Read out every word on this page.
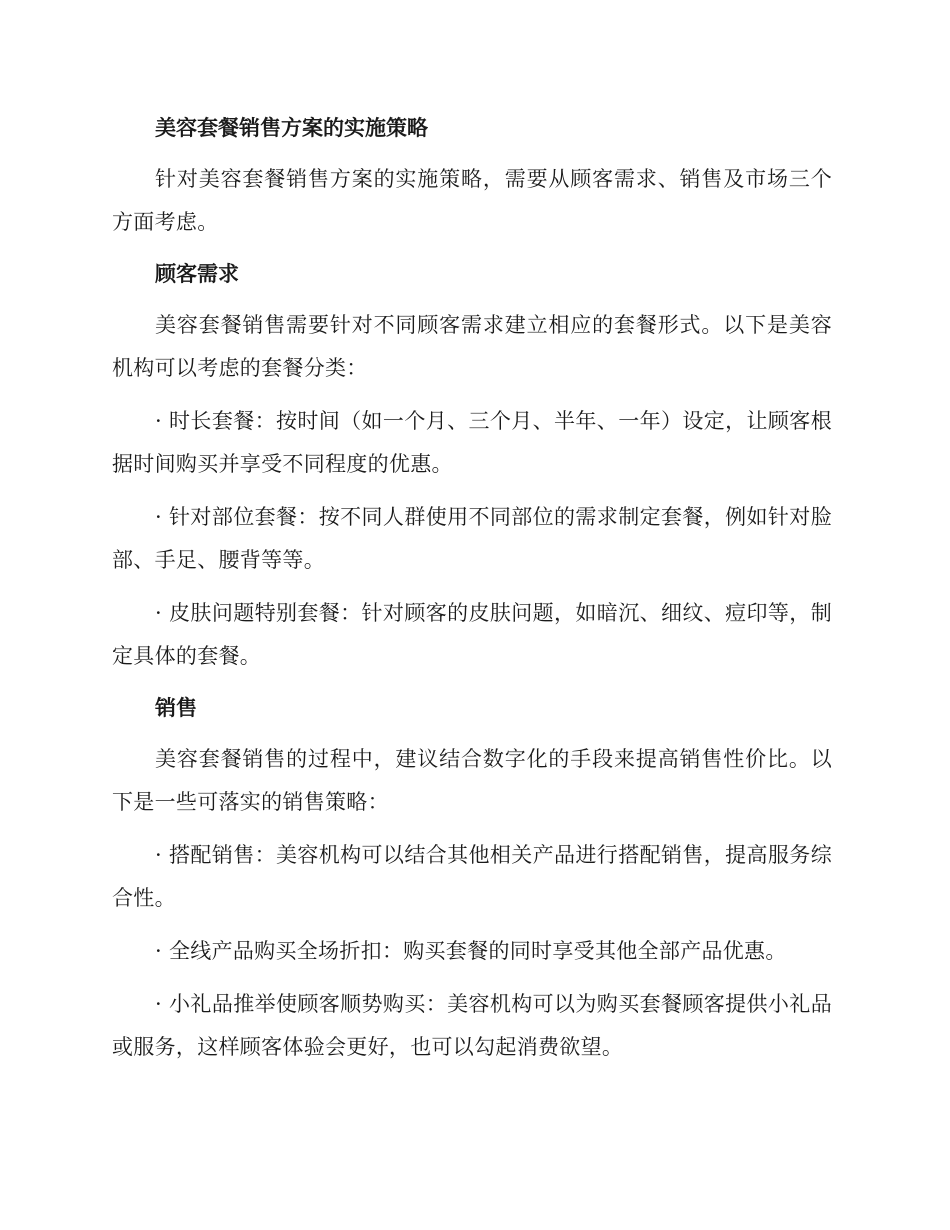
美容套餐销售方案的实施策略

针对美容套餐销售方案的实施策略，需要从顾客需求、销售及市场三个方面考虑。

顾客需求

美容套餐销售需要针对不同顾客需求建立相应的套餐形式。以下是美容机构可以考虑的套餐分类：

· 时长套餐：按时间（如一个月、三个月、半年、一年）设定，让顾客根据时间购买并享受不同程度的优惠。

· 针对部位套餐：按不同人群使用不同部位的需求制定套餐，例如针对脸部、手足、腰背等等。

· 皮肤问题特别套餐：针对顾客的皮肤问题，如暗沉、细纹、痘印等，制定具体的套餐。

销售

美容套餐销售的过程中，建议结合数字化的手段来提高销售性价比。以下是一些可落实的销售策略：

· 搭配销售：美容机构可以结合其他相关产品进行搭配销售，提高服务综合性。

· 全线产品购买全场折扣：购买套餐的同时享受其他全部产品优惠。

· 小礼品推举使顾客顺势购买：美容机构可以为购买套餐顾客提供小礼品或服务，这样顾客体验会更好，也可以勾起消费欲望。
